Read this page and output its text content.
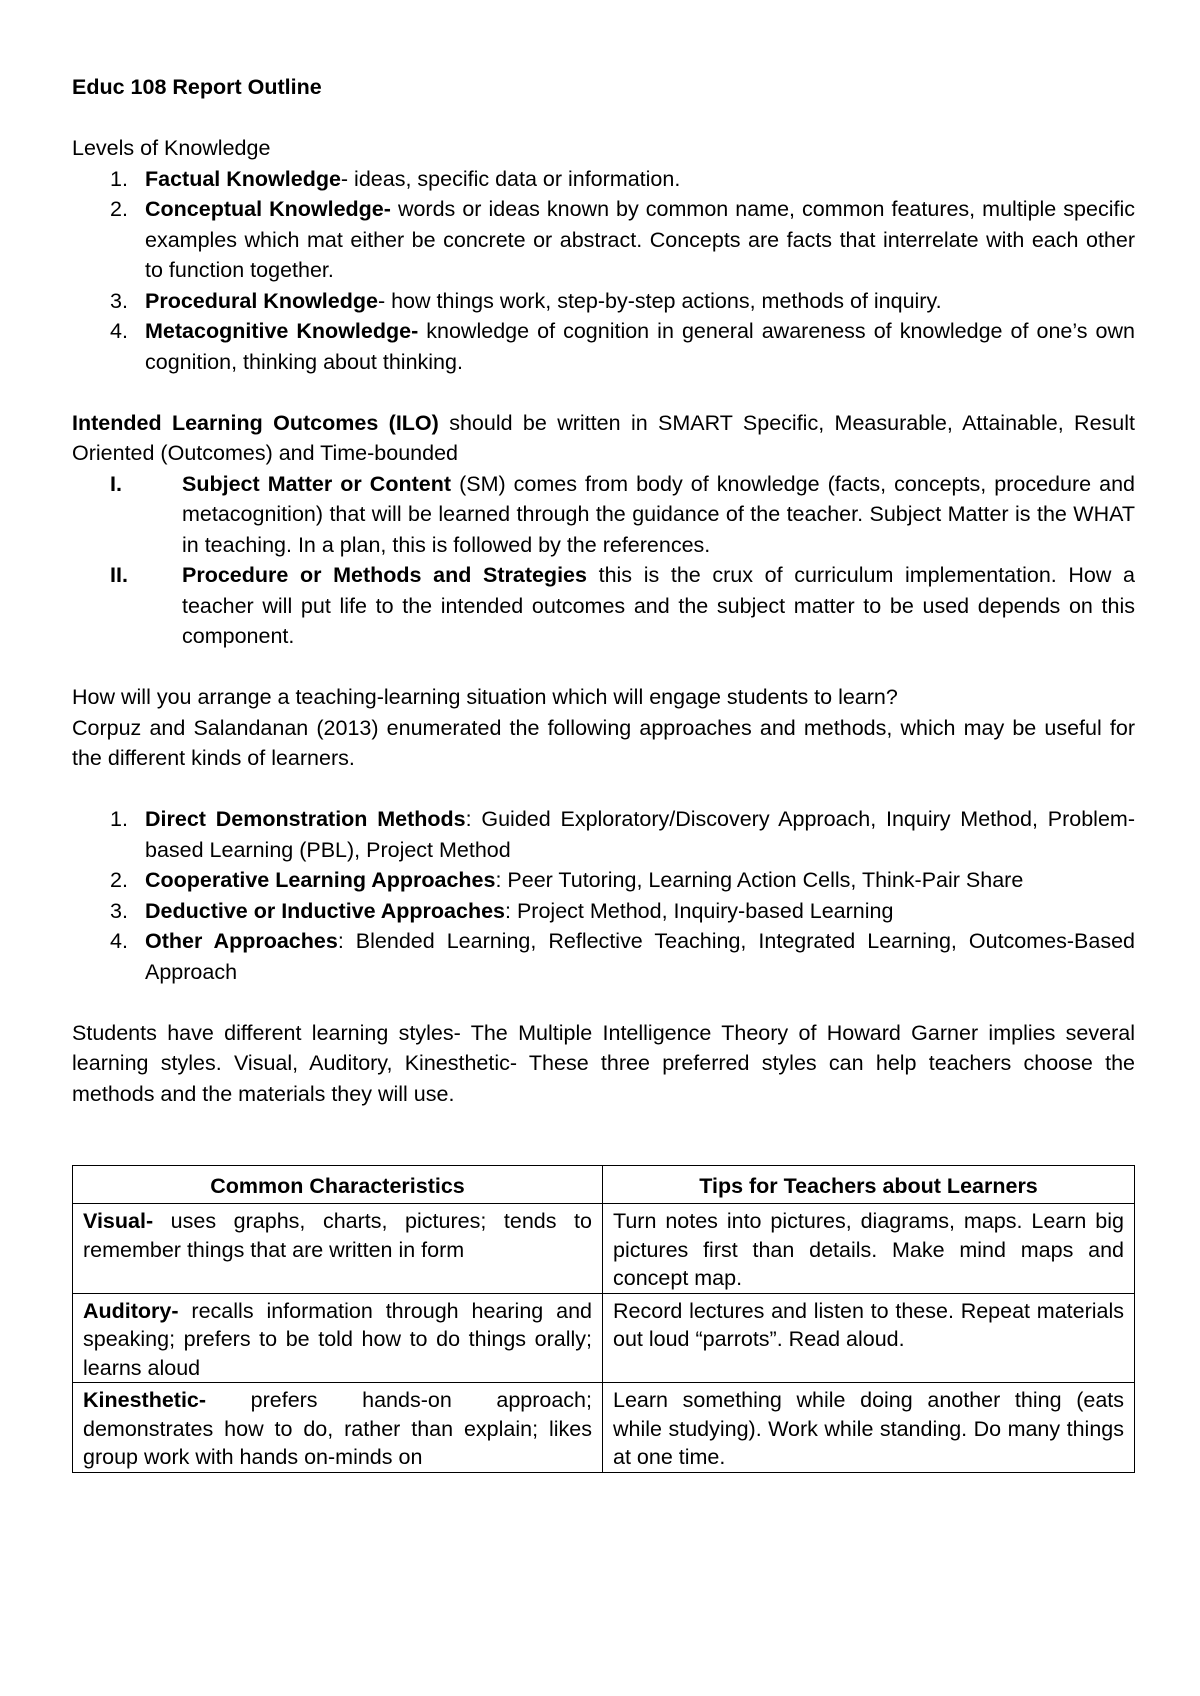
Educ 108 Report Outline

Levels of Knowledge

1. Factual Knowledge- ideas, specific data or information.
2. Conceptual Knowledge- words or ideas known by common name, common features, multiple specific examples which mat either be concrete or abstract. Concepts are facts that interrelate with each other to function together.
3. Procedural Knowledge- how things work, step-by-step actions, methods of inquiry.
4. Metacognitive Knowledge- knowledge of cognition in general awareness of knowledge of one’s own cognition, thinking about thinking.

Intended Learning Outcomes (ILO) should be written in SMART Specific, Measurable, Attainable, Result Oriented (Outcomes) and Time-bounded

I.	Subject Matter or Content (SM) comes from body of knowledge (facts, concepts, procedure and metacognition) that will be learned through the guidance of the teacher. Subject Matter is the WHAT in teaching. In a plan, this is followed by the references.
II.	Procedure or Methods and Strategies this is the crux of curriculum implementation. How a teacher will put life to the intended outcomes and the subject matter to be used depends on this component.

How will you arrange a teaching-learning situation which will engage students to learn?

Corpuz and Salandanan (2013) enumerated the following approaches and methods, which may be useful for the different kinds of learners.

1. Direct Demonstration Methods: Guided Exploratory/Discovery Approach, Inquiry Method, Problem-based Learning (PBL), Project Method
2. Cooperative Learning Approaches: Peer Tutoring, Learning Action Cells, Think-Pair Share
3. Deductive or Inductive Approaches: Project Method, Inquiry-based Learning
4. Other Approaches: Blended Learning, Reflective Teaching, Integrated Learning, Outcomes-Based Approach

Students have different learning styles- The Multiple Intelligence Theory of Howard Garner implies several learning styles. Visual, Auditory, Kinesthetic- These three preferred styles can help teachers choose the methods and the materials they will use.

Common Characteristics	Tips for Teachers about Learners
Visual- uses graphs, charts, pictures; tends to remember things that are written in form	Turn notes into pictures, diagrams, maps. Learn big pictures first than details. Make mind maps and concept map.
Auditory- recalls information through hearing and speaking; prefers to be told how to do things orally; learns aloud	Record lectures and listen to these. Repeat materials out loud “parrots”. Read aloud.
Kinesthetic- prefers hands-on approach; demonstrates how to do, rather than explain; likes group work with hands on-minds on	Learn something while doing another thing (eats while studying). Work while standing. Do many things at one time.
